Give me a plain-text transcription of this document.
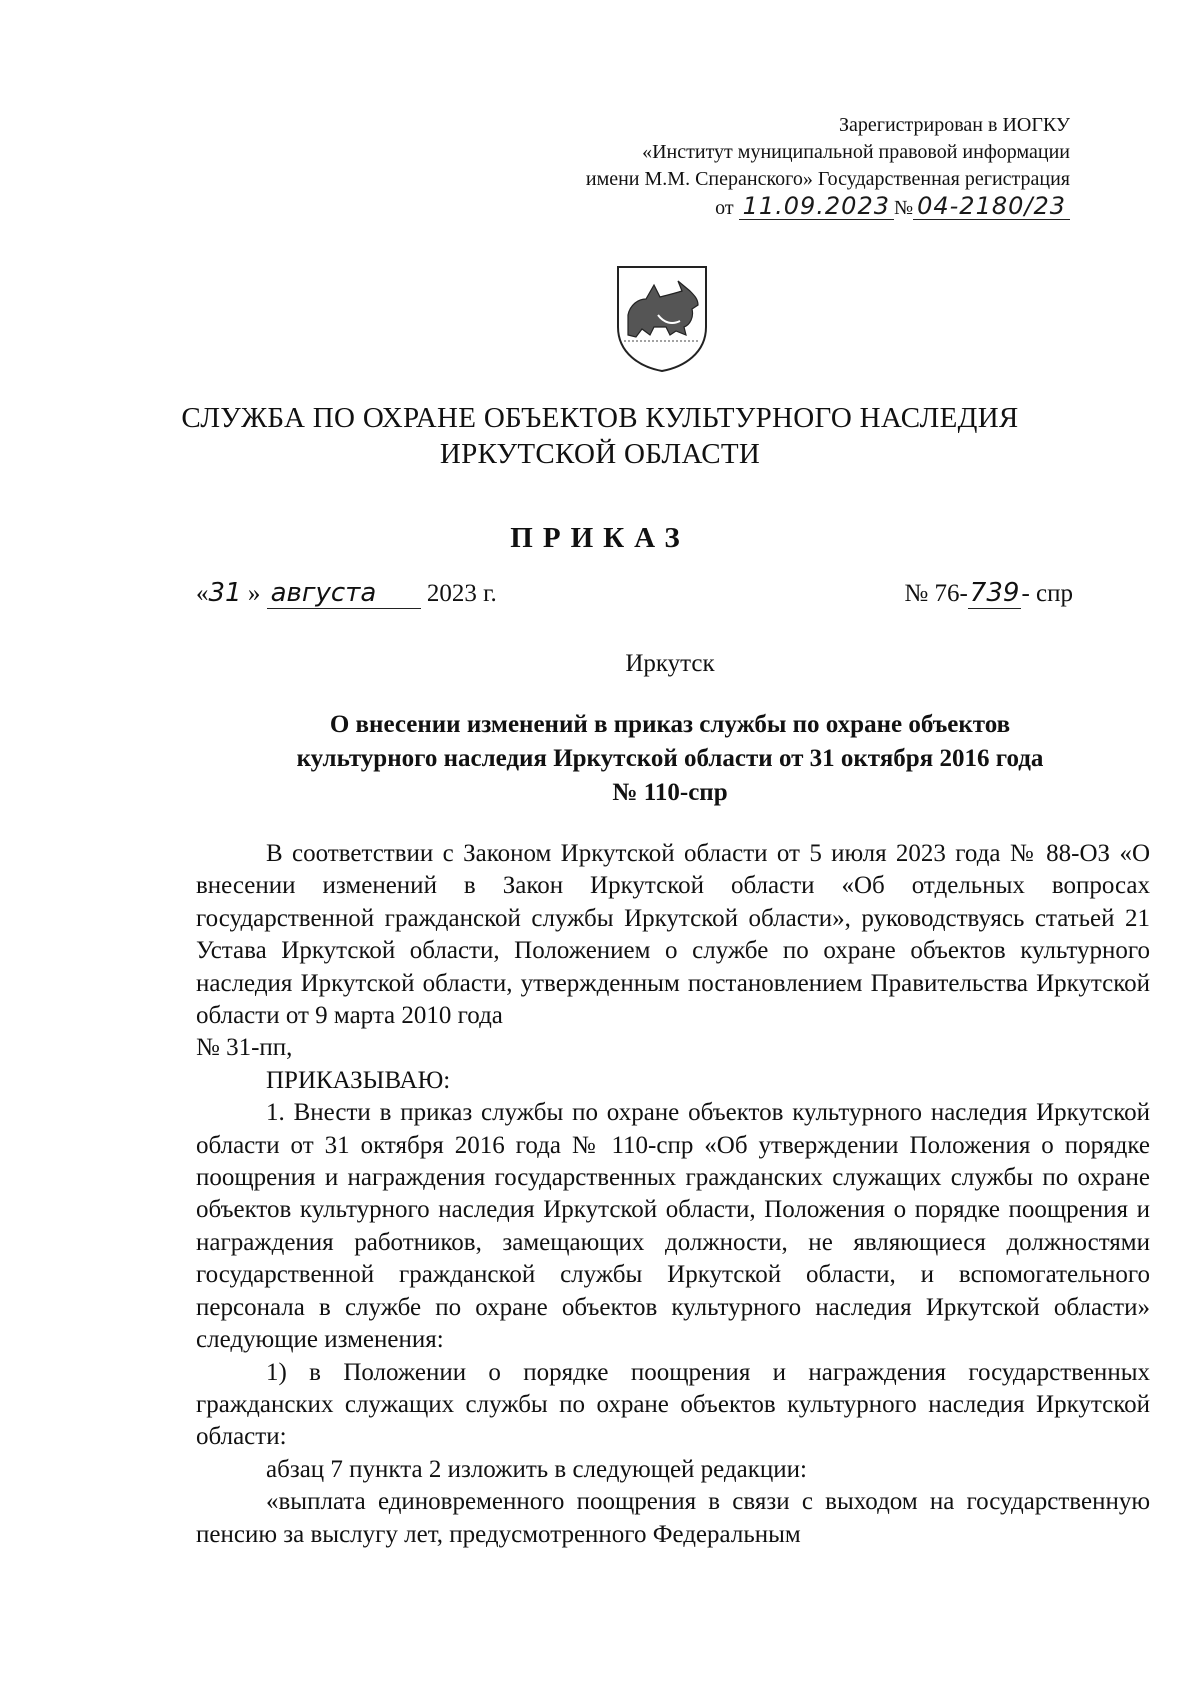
Зарегистрирован в ИОГКУ
«Институт муниципальной правовой информации
имени М.М. Сперанского» Государственная регистрация
от 11.09.2023 № 04-2180/23
СЛУЖБА ПО ОХРАНЕ ОБЪЕКТОВ КУЛЬТУРНОГО НАСЛЕДИЯ
ИРКУТСКОЙ ОБЛАСТИ
ПРИКАЗ
«31 » августа 2023 г.	№ 76-739- спр
Иркутск
О внесении изменений в приказ службы по охране объектов
культурного наследия Иркутской области от 31 октября 2016 года
№ 110-спр

В соответствии с Законом Иркутской области от 5 июля 2023 года № 88-ОЗ «О внесении изменений в Закон Иркутской области «Об отдельных вопросах государственной гражданской службы Иркутской области», руководствуясь статьей 21 Устава Иркутской области, Положением о службе по охране объектов культурного наследия Иркутской области, утвержденным постановлением Правительства Иркутской области от 9 марта 2010 года

№ 31-пп,

ПРИКАЗЫВАЮ:

1. Внести в приказ службы по охране объектов культурного наследия Иркутской области от 31 октября 2016 года № 110-спр «Об утверждении Положения о порядке поощрения и награждения государственных гражданских служащих службы по охране объектов культурного наследия Иркутской области, Положения о порядке поощрения и награждения работников, замещающих должности, не являющиеся должностями государственной гражданской службы Иркутской области, и вспомогательного персонала в службе по охране объектов культурного наследия Иркутской области» следующие изменения:

1) в Положении о порядке поощрения и награждения государственных гражданских служащих службы по охране объектов культурного наследия Иркутской области:

абзац 7 пункта 2 изложить в следующей редакции:

«выплата единовременного поощрения в связи с выходом на государственную пенсию за выслугу лет, предусмотренного Федеральным
